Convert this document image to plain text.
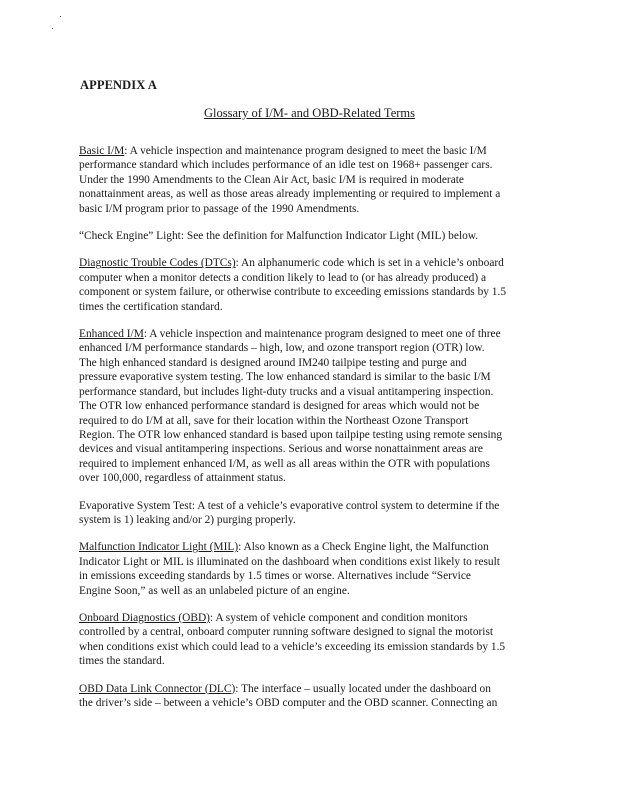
APPENDIX A
Glossary of I/M- and OBD-Related Terms
Basic I/M: A vehicle inspection and maintenance program designed to meet the basic I/M
performance standard which includes performance of an idle test on 1968+ passenger cars.
Under the 1990 Amendments to the Clean Air Act, basic I/M is required in moderate
nonattainment areas, as well as those areas already implementing or required to implement a
basic I/M program prior to passage of the 1990 Amendments.
“Check Engine” Light: See the definition for Malfunction Indicator Light (MIL) below.
Diagnostic Trouble Codes (DTCs): An alphanumeric code which is set in a vehicle’s onboard
computer when a monitor detects a condition likely to lead to (or has already produced) a
component or system failure, or otherwise contribute to exceeding emissions standards by 1.5
times the certification standard.
Enhanced I/M: A vehicle inspection and maintenance program designed to meet one of three
enhanced I/M performance standards – high, low, and ozone transport region (OTR) low.
The high enhanced standard is designed around IM240 tailpipe testing and purge and
pressure evaporative system testing. The low enhanced standard is similar to the basic I/M
performance standard, but includes light-duty trucks and a visual antitampering inspection.
The OTR low enhanced performance standard is designed for areas which would not be
required to do I/M at all, save for their location within the Northeast Ozone Transport
Region. The OTR low enhanced standard is based upon tailpipe testing using remote sensing
devices and visual antitampering inspections. Serious and worse nonattainment areas are
required to implement enhanced I/M, as well as all areas within the OTR with populations
over 100,000, regardless of attainment status.
Evaporative System Test: A test of a vehicle’s evaporative control system to determine if the
system is 1) leaking and/or 2) purging properly.
Malfunction Indicator Light (MIL): Also known as a Check Engine light, the Malfunction
Indicator Light or MIL is illuminated on the dashboard when conditions exist likely to result
in emissions exceeding standards by 1.5 times or worse. Alternatives include “Service
Engine Soon,” as well as an unlabeled picture of an engine.
Onboard Diagnostics (OBD): A system of vehicle component and condition monitors
controlled by a central, onboard computer running software designed to signal the motorist
when conditions exist which could lead to a vehicle’s exceeding its emission standards by 1.5
times the standard.
OBD Data Link Connector (DLC): The interface – usually located under the dashboard on
the driver’s side – between a vehicle’s OBD computer and the OBD scanner. Connecting an
